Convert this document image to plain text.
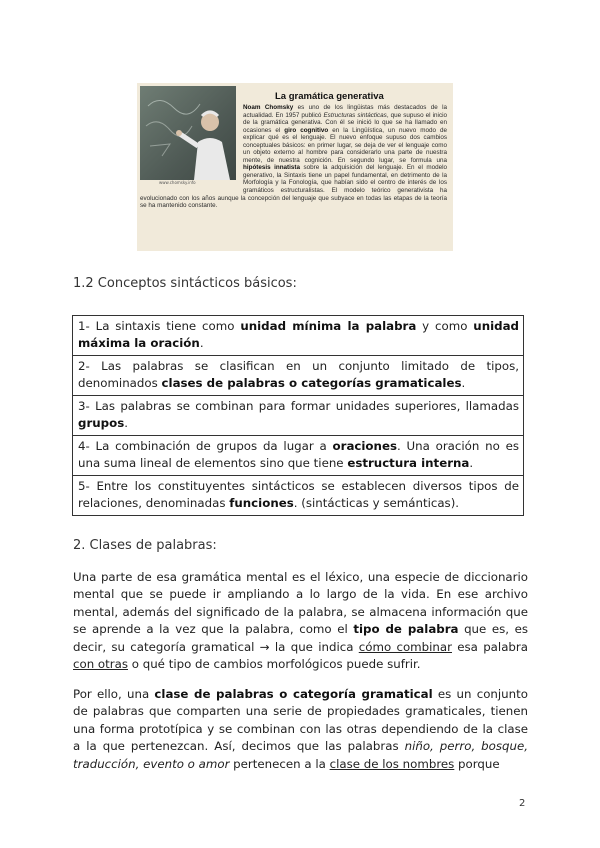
www.chomsky.info
La gramática generativa
Noam Chomsky es uno de los lingüistas más destacados de la actualidad. En 1957 publicó Estructuras sintácticas, que supuso el inicio de la gramática generativa. Con él se inició lo que se ha llamado en ocasiones el giro cognitivo en la Lingüística, un nuevo modo de explicar qué es el lenguaje. El nuevo enfoque supuso dos cambios conceptuales básicos: en primer lugar, se deja de ver el lenguaje como un objeto externo al hombre para considerarlo una parte de nuestra mente, de nuestra cognición. En segundo lugar, se formula una hipótesis innatista sobre la adquisición del lenguaje. En el modelo generativo, la Sintaxis tiene un papel fundamental, en detrimento de la Morfología y la Fonología, que habían sido el centro de interés de los gramáticos estructuralistas. El modelo teórico generativista ha evolucionado con los años aunque la concepción del lenguaje que subyace en todas las etapas de la teoría se ha mantenido constante.
1.2 Conceptos sintácticos básicos:
1- La sintaxis tiene como unidad mínima la palabra y como unidad máxima la oración.
2- Las palabras se clasifican en un conjunto limitado de tipos, denominados clases de palabras o categorías gramaticales.
3- Las palabras se combinan para formar unidades superiores, llamadas grupos.
4- La combinación de grupos da lugar a oraciones. Una oración no es una suma lineal de elementos sino que tiene estructura interna.
5- Entre los constituyentes sintácticos se establecen diversos tipos de relaciones, denominadas funciones. (sintácticas y semánticas).
2. Clases de palabras:
Una parte de esa gramática mental es el léxico, una especie de diccionario mental que se puede ir ampliando a lo largo de la vida. En ese archivo mental, además del significado de la palabra, se almacena información que se aprende a la vez que la palabra, como el tipo de palabra que es, es decir, su categoría gramatical → la que indica cómo combinar esa palabra con otras o qué tipo de cambios morfológicos puede sufrir.
Por ello, una clase de palabras o categoría gramatical es un conjunto de palabras que comparten una serie de propiedades gramaticales, tienen una forma prototípica y se combinan con las otras dependiendo de la clase a la que pertenezcan. Así, decimos que las palabras niño, perro, bosque, traducción, evento o amor pertenecen a la clase de los nombres porque
2
